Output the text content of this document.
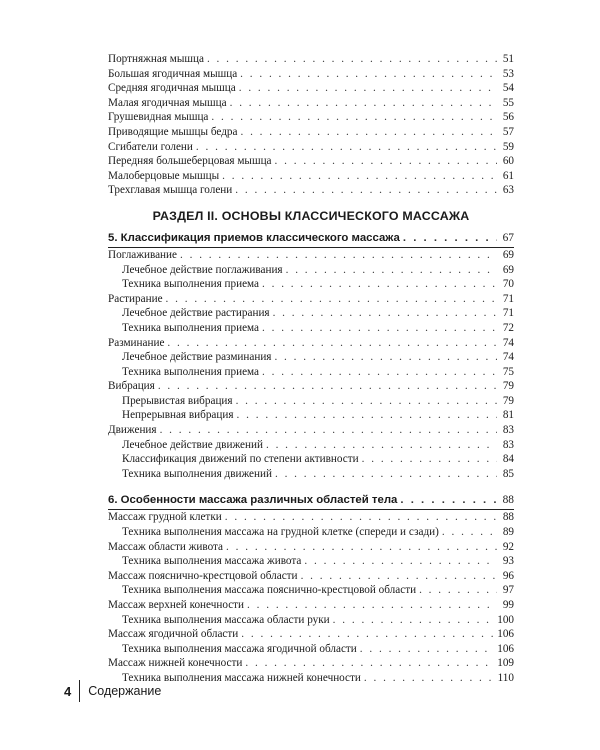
Портняжная мышца . . .	51
Большая ягодичная мышца . . .	53
Средняя ягодичная мышца . . .	54
Малая ягодичная мышца . . .	55
Грушевидная мышца . . .	56
Приводящие мышцы бедра . . .	57
Сгибатели голени . . .	59
Передняя большеберцовая мышца . . .	60
Малоберцовые мышцы . . .	61
Трехглавая мышца голени . . .	63
РАЗДЕЛ II. ОСНОВЫ КЛАССИЧЕСКОГО МАССАЖА
5. Классификация приемов классического массажа . . .	67
Поглаживание . . .	69
Лечебное действие поглаживания . . .	69
Техника выполнения приема . . .	70
Растирание . . .	71
Лечебное действие растирания . . .	71
Техника выполнения приема . . .	72
Разминание . . .	74
Лечебное действие разминания . . .	74
Техника выполнения приема . . .	75
Вибрация . . .	79
Прерывистая вибрация . . .	79
Непрерывная вибрация . . .	81
Движения . . .	83
Лечебное действие движений . . .	83
Классификация движений по степени активности . . .	84
Техника выполнения движений . . .	85
6. Особенности массажа различных областей тела . . .	88
Массаж грудной клетки . . .	88
Техника выполнения массажа на грудной клетке (спереди и сзади) . . .	89
Массаж области живота . . .	92
Техника выполнения массажа живота . . .	93
Массаж пояснично-крестцовой области . . .	96
Техника выполнения массажа пояснично-крестцовой области . . .	97
Массаж верхней конечности . . .	99
Техника выполнения массажа области руки . . .	100
Массаж ягодичной области . . .	106
Техника выполнения массажа ягодичной области . . .	106
Массаж нижней конечности . . .	109
Техника выполнения массажа нижней конечности . . .	110
4 Содержание
